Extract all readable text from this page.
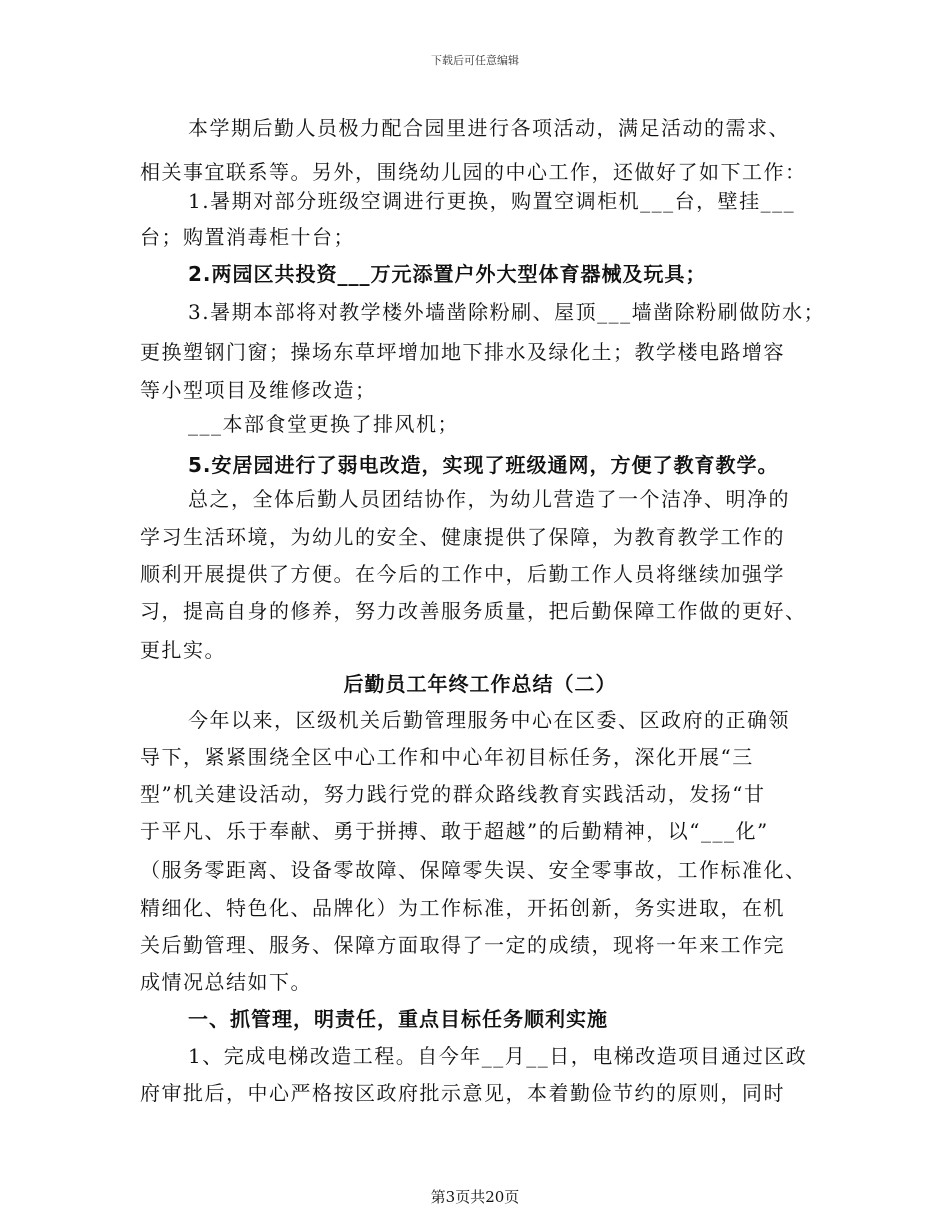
下载后可任意编辑
本学期后勤人员极力配合园里进行各项活动，满足活动的需求、
相关事宜联系等。另外，围绕幼儿园的中心工作，还做好了如下工作：
1.暑期对部分班级空调进行更换，购置空调柜机___台，壁挂___
台；购置消毒柜十台；
2.两园区共投资___万元添置户外大型体育器械及玩具；
3.暑期本部将对教学楼外墙凿除粉刷、屋顶___墙凿除粉刷做防水；
更换塑钢门窗；操场东草坪增加地下排水及绿化土；教学楼电路增容
等小型项目及维修改造；
___本部食堂更换了排风机；
5.安居园进行了弱电改造，实现了班级通网，方便了教育教学。
总之，全体后勤人员团结协作，为幼儿营造了一个洁净、明净的
学习生活环境，为幼儿的安全、健康提供了保障，为教育教学工作的
顺利开展提供了方便。在今后的工作中，后勤工作人员将继续加强学
习，提高自身的修养，努力改善服务质量，把后勤保障工作做的更好、
更扎实。
后勤员工年终工作总结（二）
今年以来，区级机关后勤管理服务中心在区委、区政府的正确领
导下，紧紧围绕全区中心工作和中心年初目标任务，深化开展“三
型”机关建设活动，努力践行党的群众路线教育实践活动，发扬“甘
于平凡、乐于奉献、勇于拼搏、敢于超越”的后勤精神，以“___化”
（服务零距离、设备零故障、保障零失误、安全零事故，工作标准化、
精细化、特色化、品牌化）为工作标准，开拓创新，务实进取，在机
关后勤管理、服务、保障方面取得了一定的成绩，现将一年来工作完
成情况总结如下。
一、抓管理，明责任，重点目标任务顺利实施
1、完成电梯改造工程。自今年__月__日，电梯改造项目通过区政
府审批后，中心严格按区政府批示意见，本着勤俭节约的原则，同时
第3页共20页
